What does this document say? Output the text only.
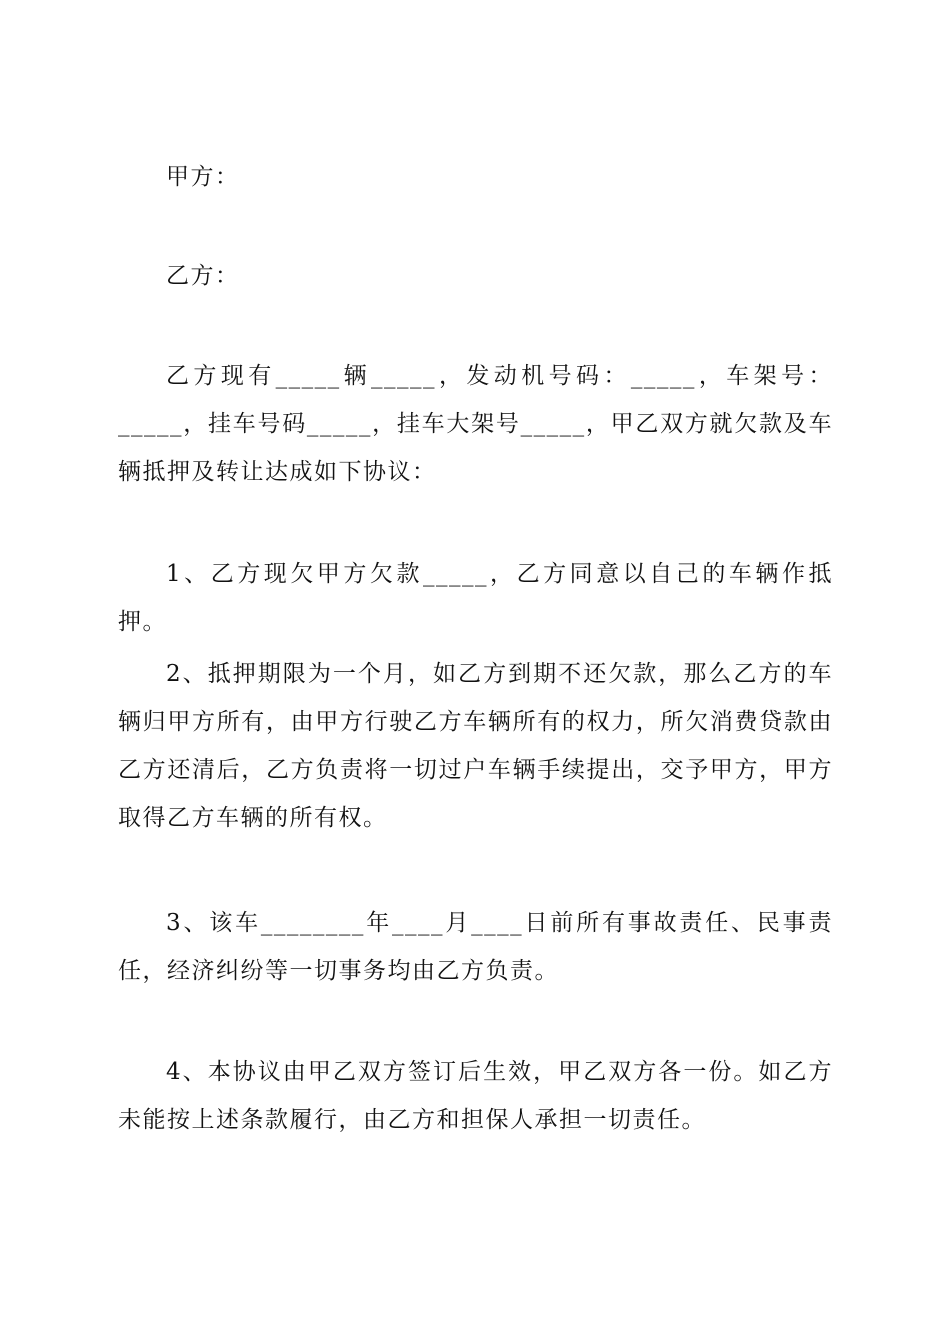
甲方：

乙方：

乙方现有_____辆_____，发动机号码：_____，车架号：_____，挂车号码_____，挂车大架号_____，甲乙双方就欠款及车辆抵押及转让达成如下协议：

1、乙方现欠甲方欠款_____，乙方同意以自己的车辆作抵押。

2、抵押期限为一个月，如乙方到期不还欠款，那么乙方的车辆归甲方所有，由甲方行驶乙方车辆所有的权力，所欠消费贷款由乙方还清后，乙方负责将一切过户车辆手续提出，交予甲方，甲方取得乙方车辆的所有权。

3、该车________年____月____日前所有事故责任、民事责任，经济纠纷等一切事务均由乙方负责。

4、本协议由甲乙双方签订后生效，甲乙双方各一份。如乙方未能按上述条款履行，由乙方和担保人承担一切责任。
